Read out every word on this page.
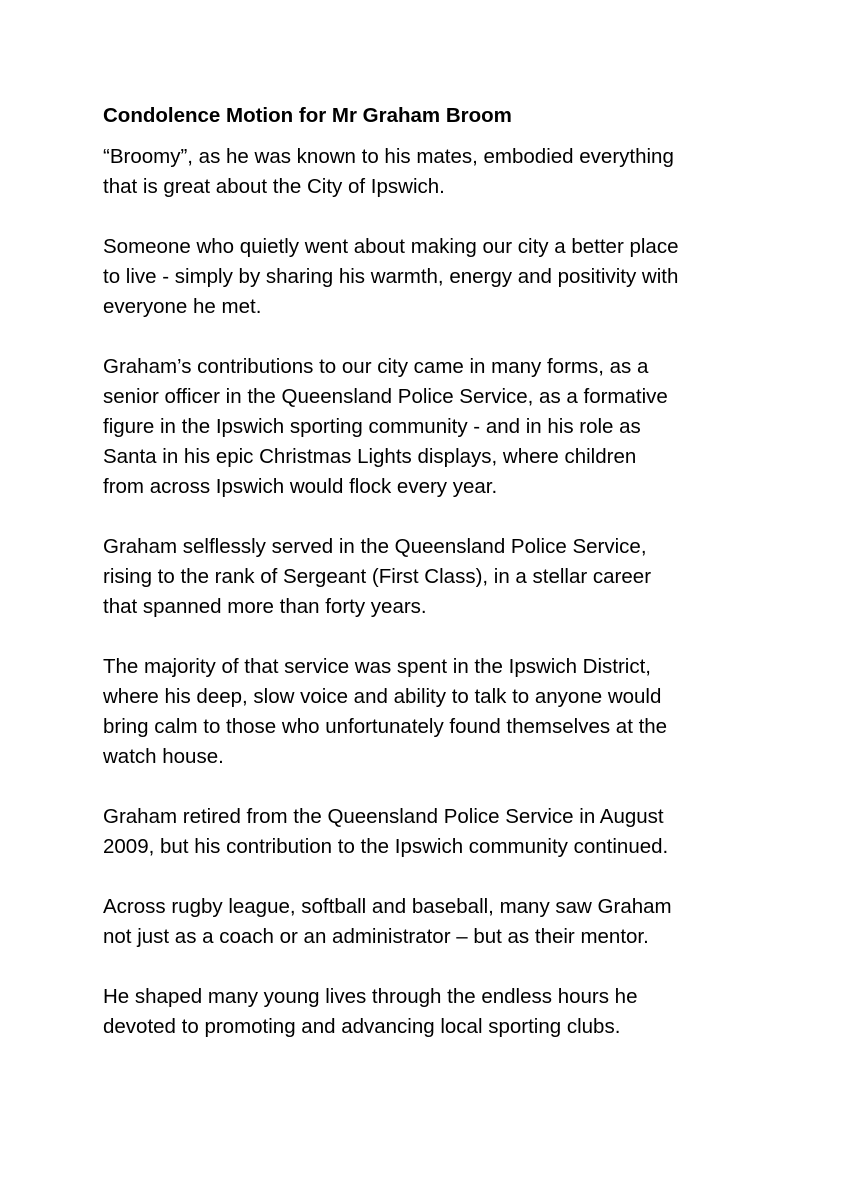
Condolence Motion for Mr Graham Broom
“Broomy”, as he was known to his mates, embodied everything
that is great about the City of Ipswich.
Someone who quietly went about making our city a better place
to live - simply by sharing his warmth, energy and positivity with
everyone he met.
Graham’s contributions to our city came in many forms, as a
senior officer in the Queensland Police Service, as a formative
figure in the Ipswich sporting community - and in his role as
Santa in his epic Christmas Lights displays, where children
from across Ipswich would flock every year.
Graham selflessly served in the Queensland Police Service,
rising to the rank of Sergeant (First Class), in a stellar career
that spanned more than forty years.
The majority of that service was spent in the Ipswich District,
where his deep, slow voice and ability to talk to anyone would
bring calm to those who unfortunately found themselves at the
watch house.
Graham retired from the Queensland Police Service in August
2009, but his contribution to the Ipswich community continued.
Across rugby league, softball and baseball, many saw Graham
not just as a coach or an administrator – but as their mentor.
He shaped many young lives through the endless hours he
devoted to promoting and advancing local sporting clubs.
